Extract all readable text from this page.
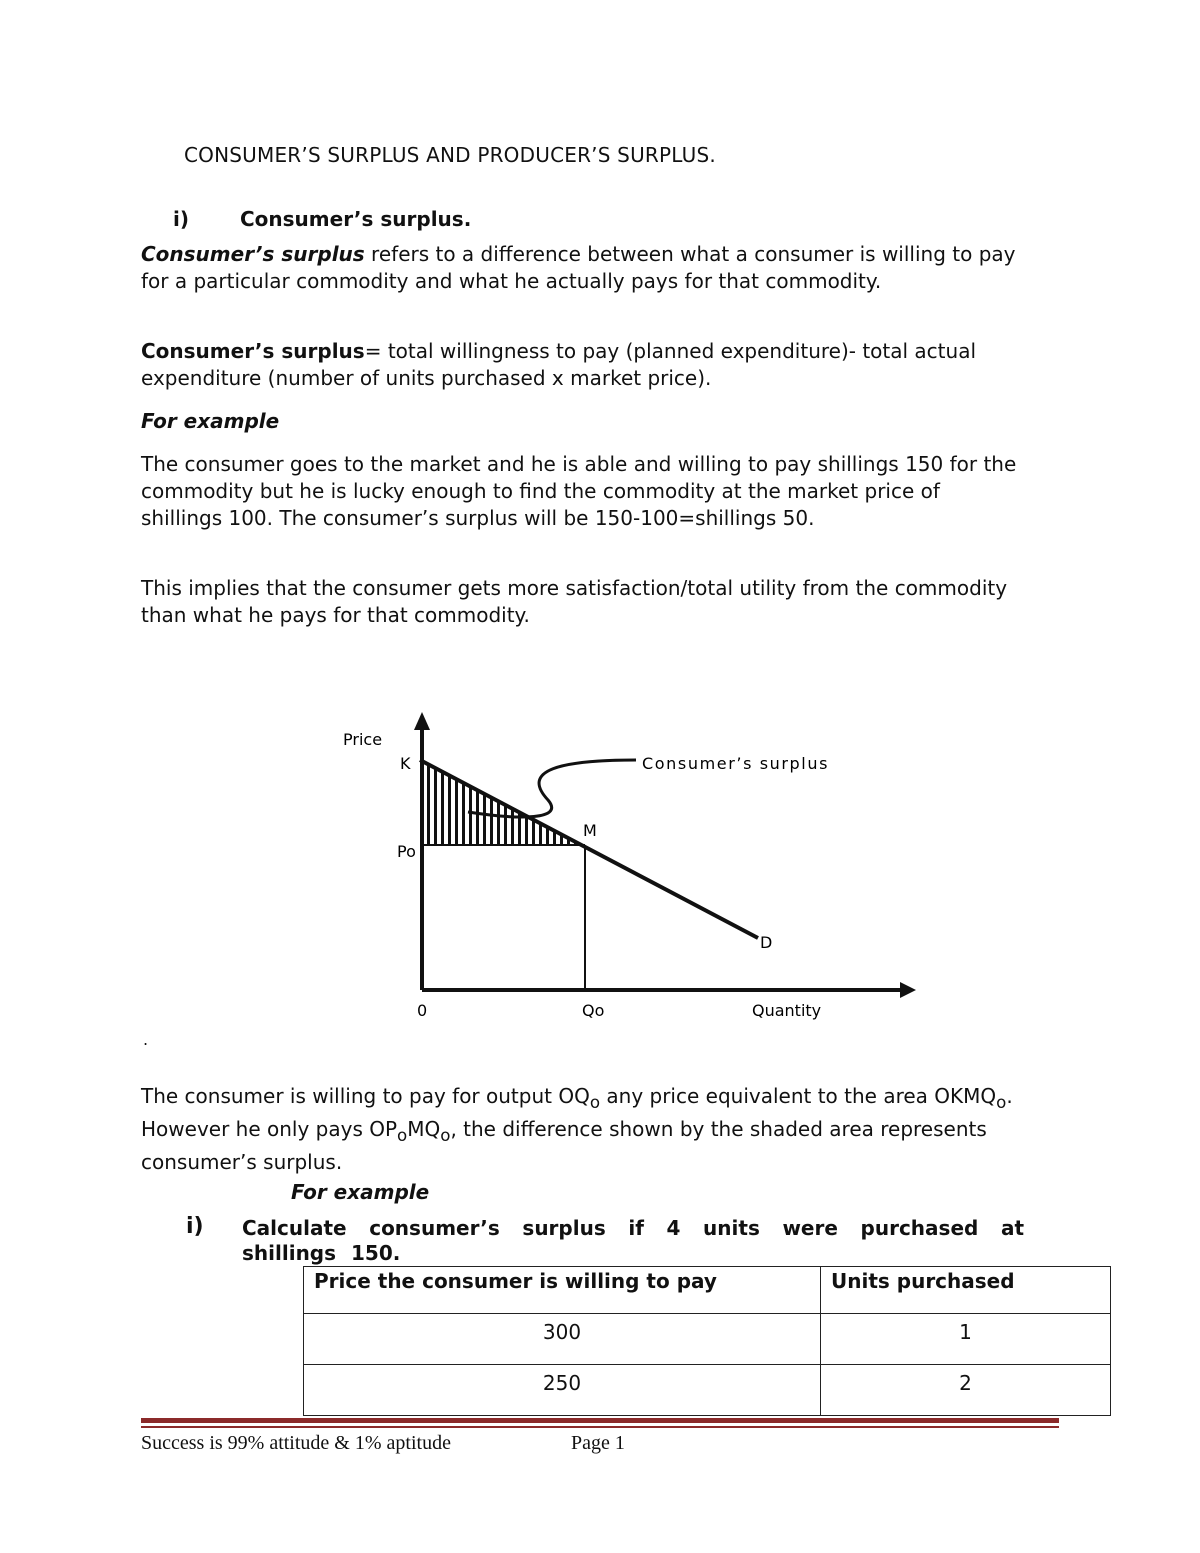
CONSUMER’S SURPLUS AND PRODUCER’S SURPLUS.

i)	Consumer’s surplus.

Consumer’s surplus refers to a difference between what a consumer is willing to pay for a particular commodity and what he actually pays for that commodity.

Consumer’s surplus= total willingness to pay (planned expenditure)- total actual expenditure (number of units purchased x market price).

For example

The consumer goes to the market and he is able and willing to pay shillings 150 for the commodity but he is lucky enough to find the commodity at the market price of shillings 100. The consumer’s surplus will be 150-100=shillings 50.

This implies that the consumer gets more satisfaction/total utility from the commodity than what he pays for that commodity.

Price
K
Po
M
D
0	Qo	Quantity
Consumer’s surplus

.

The consumer is willing to pay for output $OQ_o$ any price equivalent to the area $OKMQ_o$. However he only pays $OP_oMQ_o$, the difference shown by the shaded area represents consumer’s surplus.

For example

i) Calculate consumer’s surplus if 4 units were purchased at shillings 150.

Price the consumer is willing to pay	Units purchased
300	1
250	2

Success is 99% attitude & 1% aptitude	Page 1
